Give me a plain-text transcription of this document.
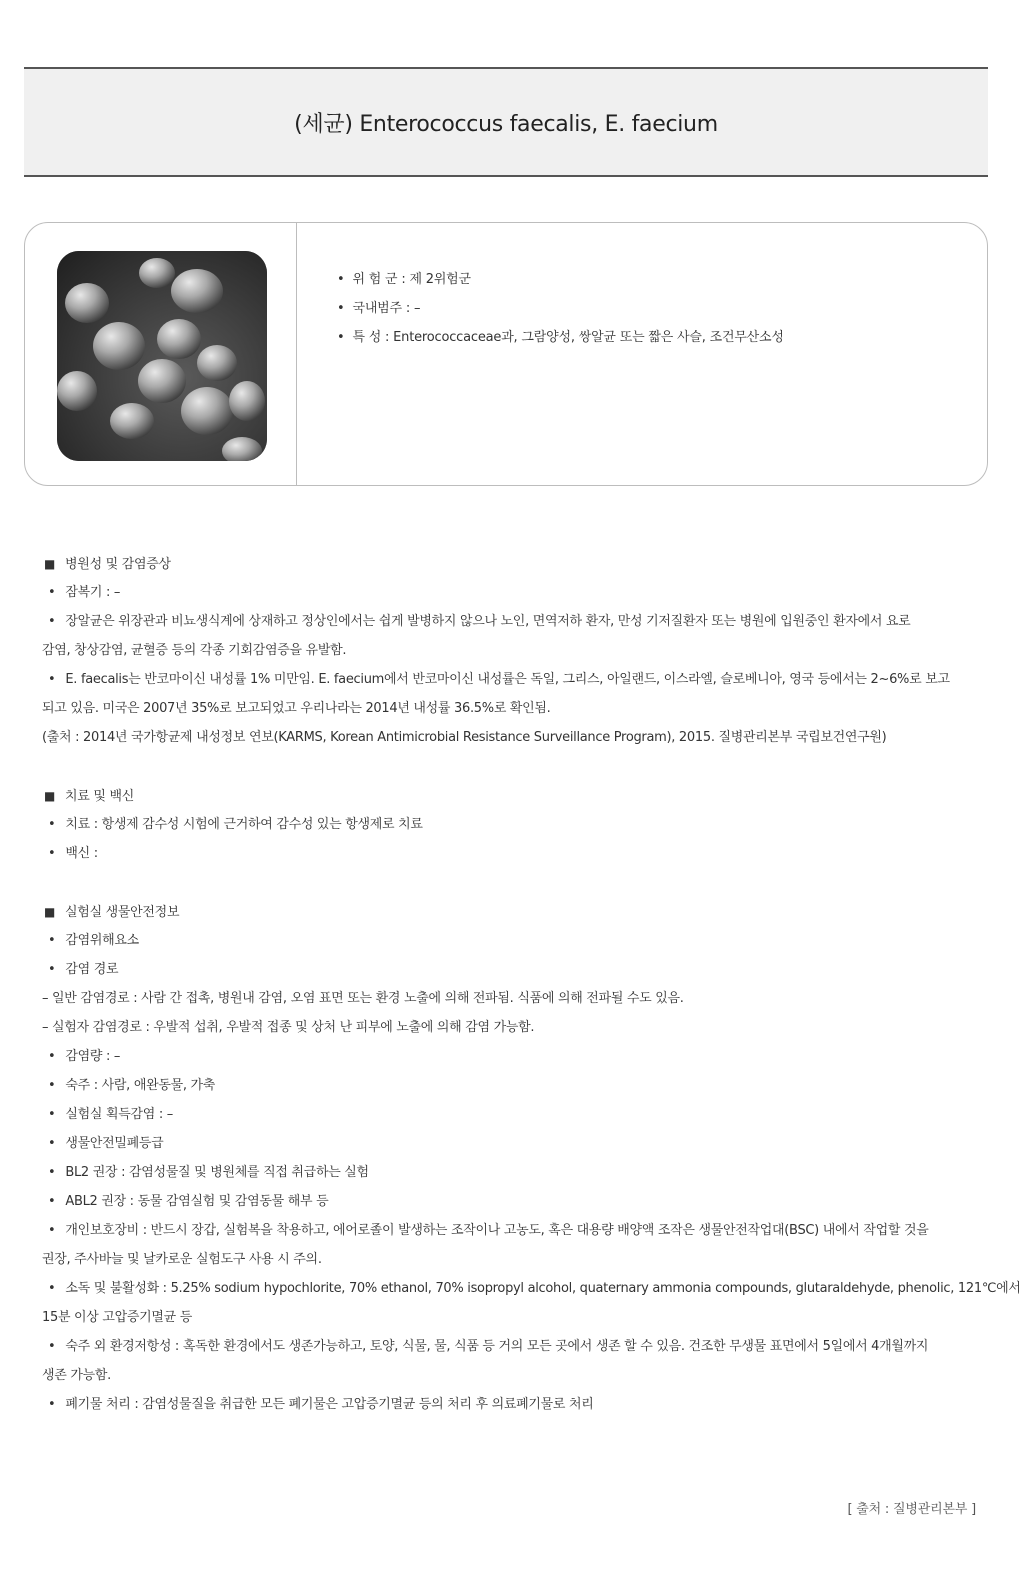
(세균) Enterococcus faecalis, E. faecium
• 위 험 군 : 제 2위험군
• 국내범주 : –
• 특 성 : Enterococcaceae과, 그람양성, 쌍알균 또는 짧은 사슬, 조건무산소성
■ 병원성 및 감염증상
• 잠복기 : –
• 장알균은 위장관과 비뇨생식계에 상재하고 정상인에서는 쉽게 발병하지 않으나 노인, 면역저하 환자, 만성 기저질환자 또는 병원에 입원중인 환자에서 요로
감염, 창상감염, 균혈증 등의 각종 기회감염증을 유발함.
• E. faecalis는 반코마이신 내성률 1% 미만임. E. faecium에서 반코마이신 내성률은 독일, 그리스, 아일랜드, 이스라엘, 슬로베니아, 영국 등에서는 2~6%로 보고
되고 있음. 미국은 2007년 35%로 보고되었고 우리나라는 2014년 내성률 36.5%로 확인됨.
(출처 : 2014년 국가항균제 내성정보 연보(KARMS, Korean Antimicrobial Resistance Surveillance Program), 2015. 질병관리본부 국립보건연구원)
■ 치료 및 백신
• 치료 : 항생제 감수성 시험에 근거하여 감수성 있는 항생제로 치료
• 백신 :
■ 실험실 생물안전정보
• 감염위해요소
• 감염 경로
– 일반 감염경로 : 사람 간 접촉, 병원내 감염, 오염 표면 또는 환경 노출에 의해 전파됨. 식품에 의해 전파될 수도 있음.
– 실험자 감염경로 : 우발적 섭취, 우발적 접종 및 상처 난 피부에 노출에 의해 감염 가능함.
• 감염량 : –
• 숙주 : 사람, 애완동물, 가축
• 실험실 획득감염 : –
• 생물안전밀폐등급
• BL2 권장 : 감염성물질 및 병원체를 직접 취급하는 실험
• ABL2 권장 : 동물 감염실험 및 감염동물 해부 등
• 개인보호장비 : 반드시 장갑, 실험복을 착용하고, 에어로졸이 발생하는 조작이나 고농도, 혹은 대용량 배양액 조작은 생물안전작업대(BSC) 내에서 작업할 것을
권장, 주사바늘 및 날카로운 실험도구 사용 시 주의.
• 소독 및 불활성화 : 5.25% sodium hypochlorite, 70% ethanol, 70% isopropyl alcohol, quaternary ammonia compounds, glutaraldehyde, phenolic, 121℃에서
15분 이상 고압증기멸균 등
• 숙주 외 환경저항성 : 혹독한 환경에서도 생존가능하고, 토양, 식물, 물, 식품 등 거의 모든 곳에서 생존 할 수 있음. 건조한 무생물 표면에서 5일에서 4개월까지
생존 가능함.
• 폐기물 처리 : 감염성물질을 취급한 모든 폐기물은 고압증기멸균 등의 처리 후 의료폐기물로 처리
[ 출처 : 질병관리본부 ]
